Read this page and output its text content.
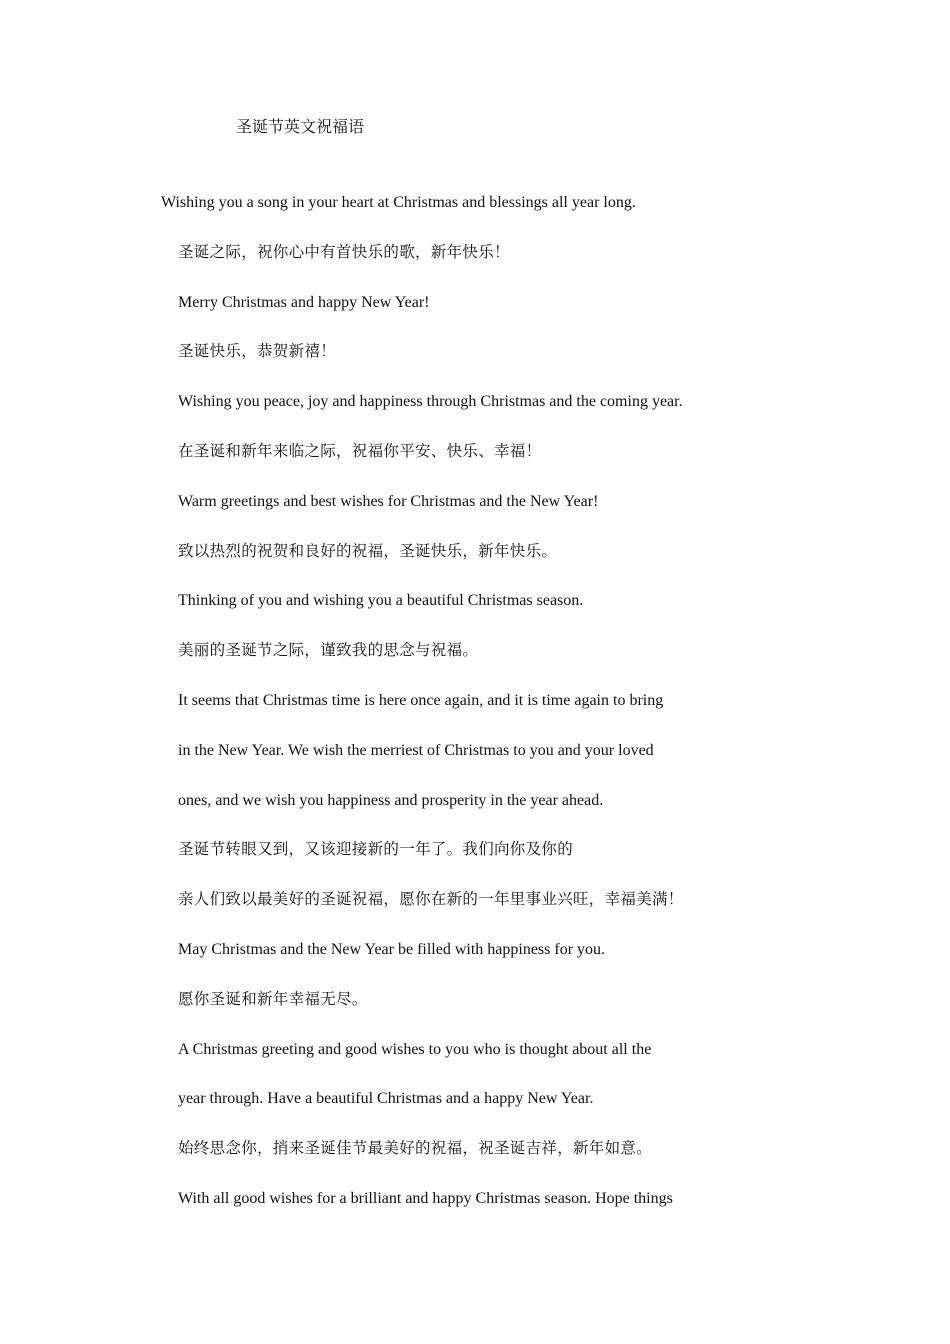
圣诞节英文祝福语
Wishing you a song in your heart at Christmas and blessings all year long.
圣诞之际，祝你心中有首快乐的歌，新年快乐！
Merry Christmas and happy New Year!
圣诞快乐，恭贺新禧！
Wishing you peace, joy and happiness through Christmas and the coming year.
在圣诞和新年来临之际，祝福你平安、快乐、幸福！
Warm greetings and best wishes for Christmas and the New Year!
致以热烈的祝贺和良好的祝福，圣诞快乐，新年快乐。
Thinking of you and wishing you a beautiful Christmas season.
美丽的圣诞节之际，谨致我的思念与祝福。
It seems that Christmas time is here once again, and it is time again to bring
in the New Year. We wish the merriest of Christmas to you and your loved
ones, and we wish you happiness and prosperity in the year ahead.
圣诞节转眼又到，又该迎接新的一年了。我们向你及你的
亲人们致以最美好的圣诞祝福，愿你在新的一年里事业兴旺，幸福美满！
May Christmas and the New Year be filled with happiness for you.
愿你圣诞和新年幸福无尽。
A Christmas greeting and good wishes to you who is thought about all the
year through. Have a beautiful Christmas and a happy New Year.
始终思念你，捎来圣诞佳节最美好的祝福，祝圣诞吉祥，新年如意。
With all good wishes for a brilliant and happy Christmas season. Hope things
